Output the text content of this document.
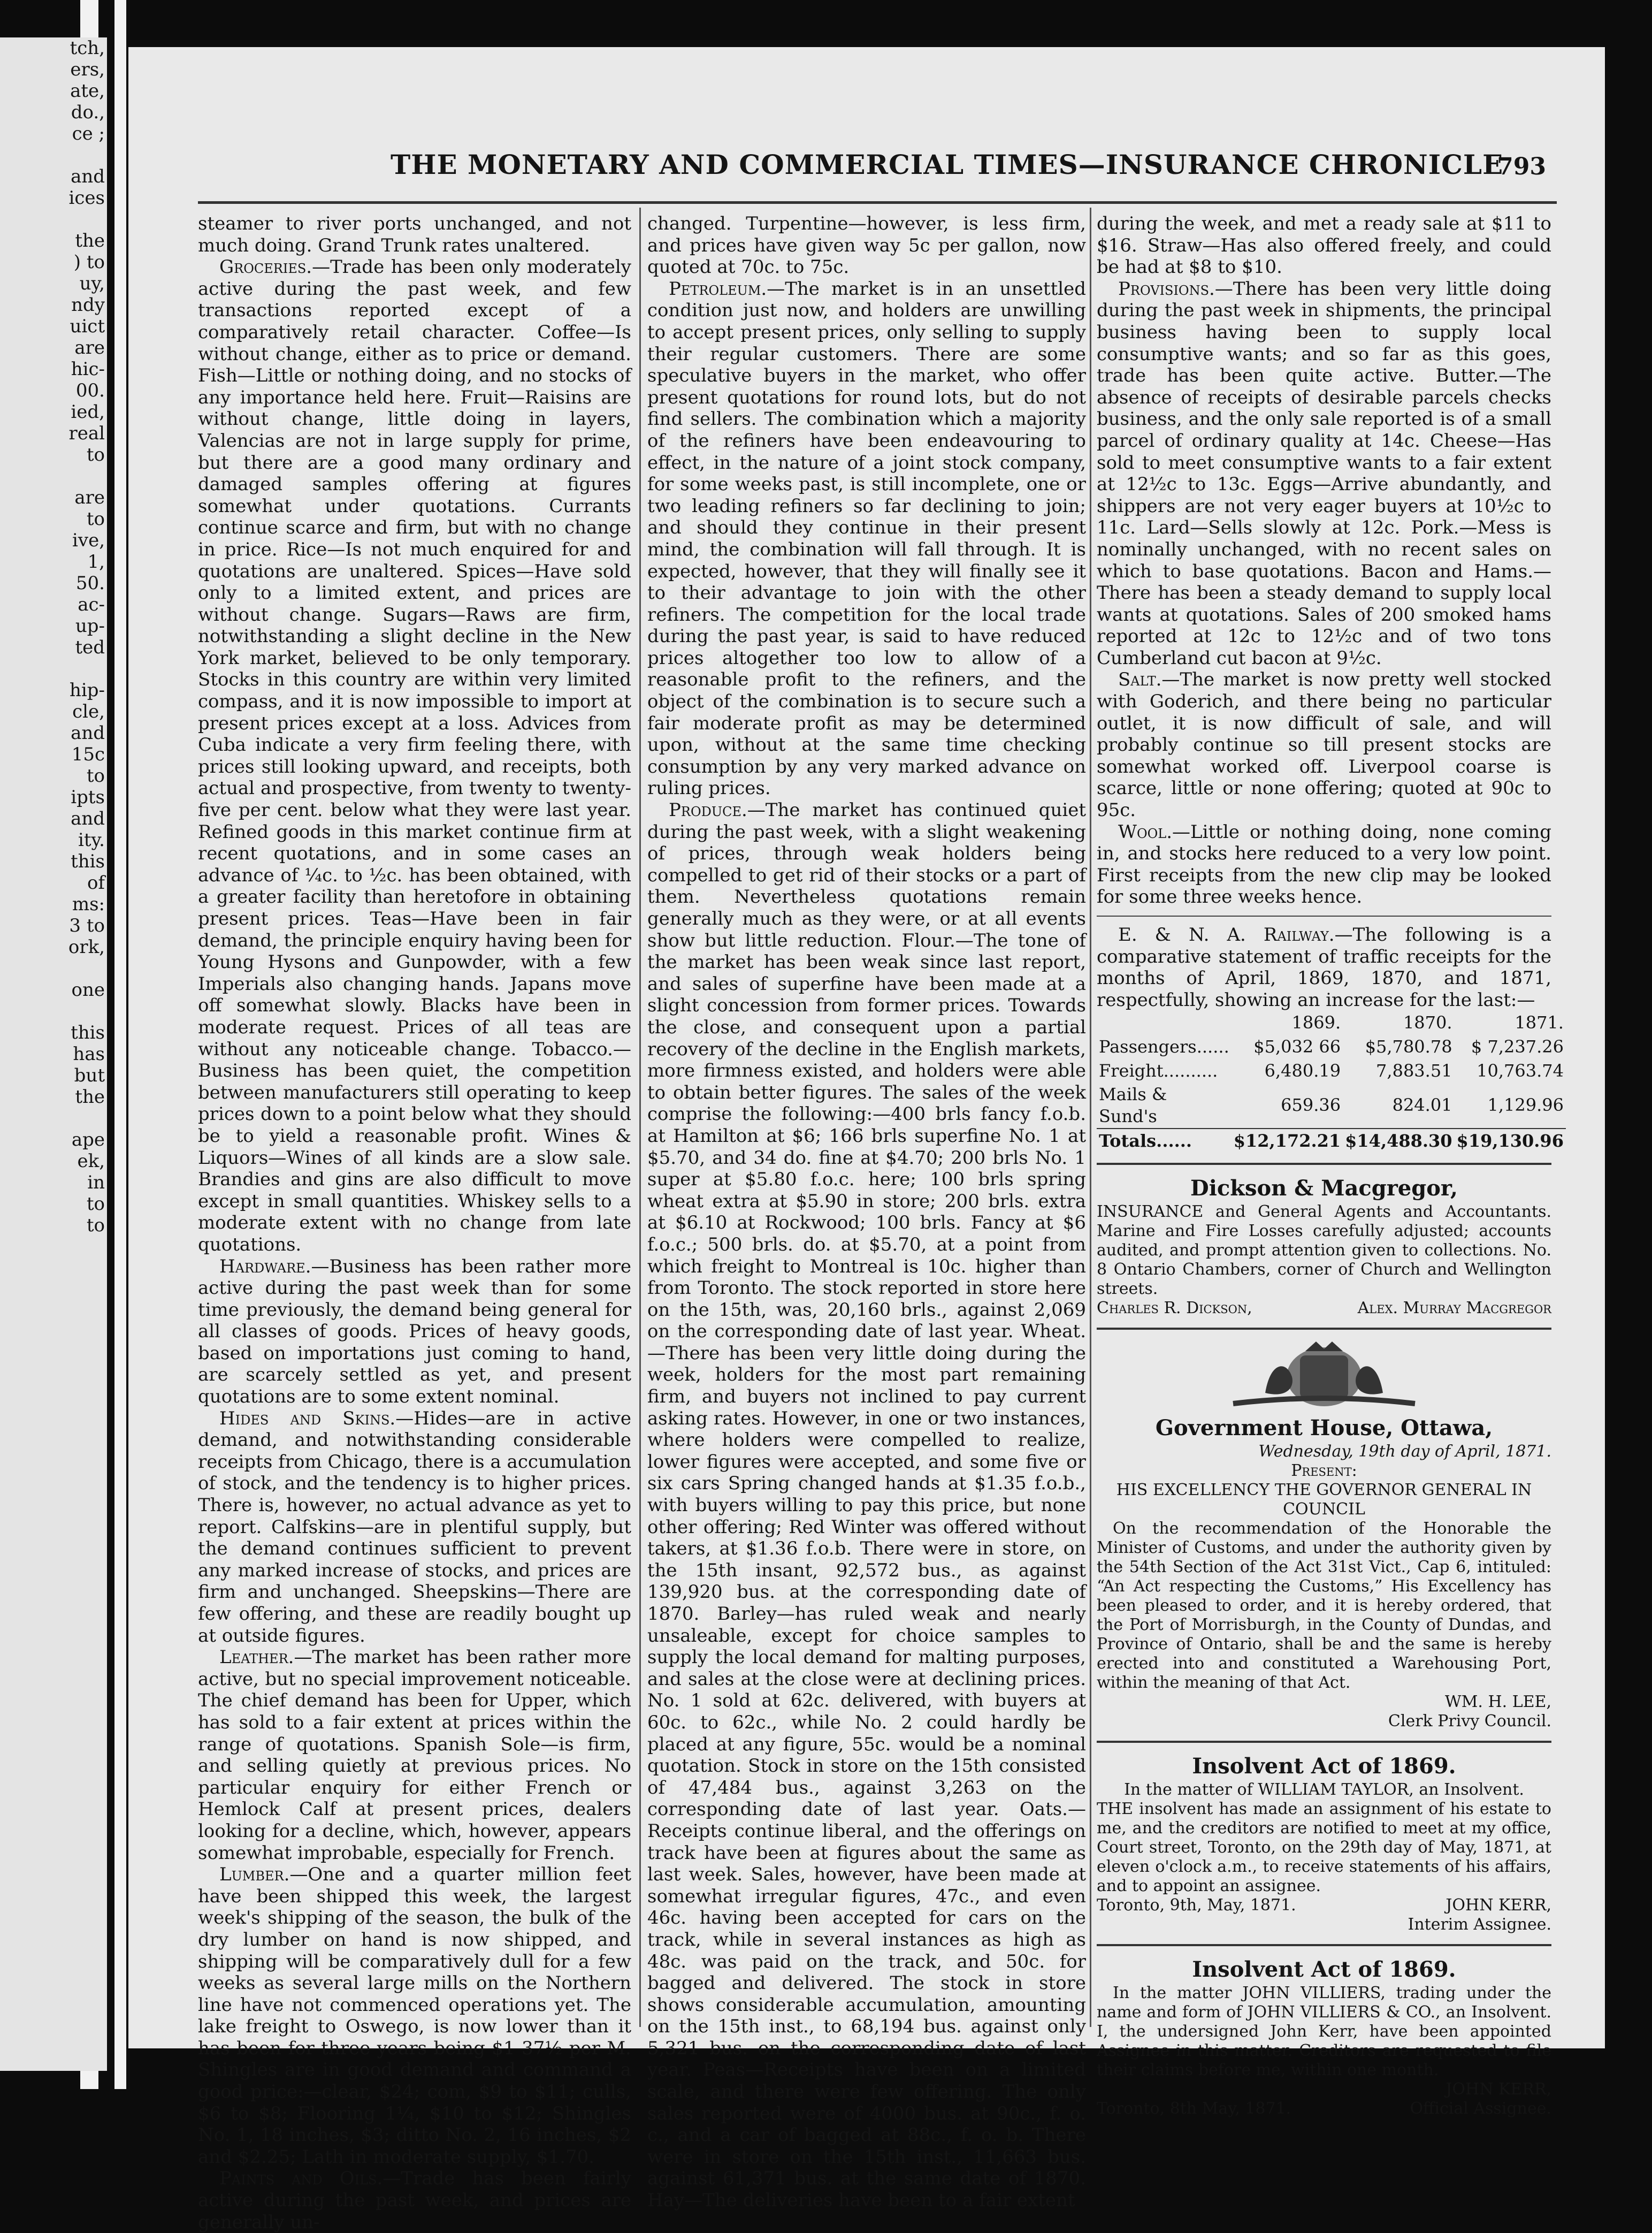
tch,
ers,
ate,
do.,
ce ;

and
ices

the
) to
uy,
ndy
uict
are
hic-
00.
ied,
real
to

are
to
ive,
1,
50.
ac-
up-
ted

hip-
cle,
and
15c
to
ipts
and
ity.
this
of
ms:
3 to
ork,

one

this
has
but
the

ape
ek,
in
to
to
THE MONETARY AND COMMERCIAL TIMES—INSURANCE CHRONICLE
793

steamer to river ports unchanged, and not much doing. Grand Trunk rates unaltered.

Groceries.—Trade has been only moderately active during the past week, and few transactions reported except of a comparatively retail character. Coffee—Is without change, either as to price or demand. Fish—Little or nothing doing, and no stocks of any importance held here. Fruit—Raisins are without change, little doing in layers, Valencias are not in large supply for prime, but there are a good many ordinary and damaged samples offering at figures somewhat under quotations. Currants continue scarce and firm, but with no change in price. Rice—Is not much enquired for and quotations are unaltered. Spices—Have sold only to a limited extent, and prices are without change. Sugars—Raws are firm, notwithstanding a slight decline in the New York market, believed to be only temporary. Stocks in this country are within very limited compass, and it is now impossible to import at present prices except at a loss. Advices from Cuba indicate a very firm feeling there, with prices still looking upward, and receipts, both actual and prospective, from twenty to twenty-five per cent. below what they were last year. Refined goods in this market continue firm at recent quotations, and in some cases an advance of ¼c. to ½c. has been obtained, with a greater facility than heretofore in obtaining present prices. Teas—Have been in fair demand, the principle enquiry having been for Young Hysons and Gunpowder, with a few Imperials also changing hands. Japans move off somewhat slowly. Blacks have been in moderate request. Prices of all teas are without any noticeable change. Tobacco.—Business has been quiet, the competition between manufacturers still operating to keep prices down to a point below what they should be to yield a reasonable profit. Wines & Liquors—Wines of all kinds are a slow sale. Brandies and gins are also difficult to move except in small quantities. Whiskey sells to a moderate extent with no change from late quotations.

Hardware.—Business has been rather more active during the past week than for some time previously, the demand being general for all classes of goods. Prices of heavy goods, based on importations just coming to hand, are scarcely settled as yet, and present quotations are to some extent nominal.

Hides and Skins.—Hides—are in active demand, and notwithstanding considerable receipts from Chicago, there is a accumulation of stock, and the tendency is to higher prices. There is, however, no actual advance as yet to report. Calfskins—are in plentiful supply, but the demand continues sufficient to prevent any marked increase of stocks, and prices are firm and unchanged. Sheepskins—There are few offering, and these are readily bought up at outside figures.

Leather.—The market has been rather more active, but no special improvement noticeable. The chief demand has been for Upper, which has sold to a fair extent at prices within the range of quotations. Spanish Sole—is firm, and selling quietly at previous prices. No particular enquiry for either French or Hemlock Calf at present prices, dealers looking for a decline, which, however, appears somewhat improbable, especially for French.

Lumber.—One and a quarter million feet have been shipped this week, the largest week's shipping of the season, the bulk of the dry lumber on hand is now shipped, and shipping will be comparatively dull for a few weeks as several large mills on the Northern line have not commenced operations yet. The lake freight to Oswego, is now lower than it has been for three years being $1 37½ per M. Shingles are in good demand and command a good price:—clear, $24; com, $9 to $11; culls, $6 to $8; Flooring 1¼, $10 to $12; Shingles No. 1, 18 inches, $3; ditto No. 2, 16 inches, $2 and $2.25; Lath in moderate supply, $1.70.

Paints and Oils.—Trade has been fairly active during the past week, and prices are generally un-

changed. Turpentine—however, is less firm, and prices have given way 5c per gallon, now quoted at 70c. to 75c.

Petroleum.—The market is in an unsettled condition just now, and holders are unwilling to accept present prices, only selling to supply their regular customers. There are some speculative buyers in the market, who offer present quotations for round lots, but do not find sellers. The combination which a majority of the refiners have been endeavouring to effect, in the nature of a joint stock company, for some weeks past, is still incomplete, one or two leading refiners so far declining to join; and should they continue in their present mind, the combination will fall through. It is expected, however, that they will finally see it to their advantage to join with the other refiners. The competition for the local trade during the past year, is said to have reduced prices altogether too low to allow of a reasonable profit to the refiners, and the object of the combination is to secure such a fair moderate profit as may be determined upon, without at the same time checking consumption by any very marked advance on ruling prices.

Produce.—The market has continued quiet during the past week, with a slight weakening of prices, through weak holders being compelled to get rid of their stocks or a part of them. Nevertheless quotations remain generally much as they were, or at all events show but little reduction. Flour.—The tone of the market has been weak since last report, and sales of superfine have been made at a slight concession from former prices. Towards the close, and consequent upon a partial recovery of the decline in the English markets, more firmness existed, and holders were able to obtain better figures. The sales of the week comprise the following:—400 brls fancy f.o.b. at Hamilton at $6; 166 brls superfine No. 1 at $5.70, and 34 do. fine at $4.70; 200 brls No. 1 super at $5.80 f.o.c. here; 100 brls spring wheat extra at $5.90 in store; 200 brls. extra at $6.10 at Rockwood; 100 brls. Fancy at $6 f.o.c.; 500 brls. do. at $5.70, at a point from which freight to Montreal is 10c. higher than from Toronto. The stock reported in store here on the 15th, was, 20,160 brls., against 2,069 on the corresponding date of last year. Wheat.—There has been very little doing during the week, holders for the most part remaining firm, and buyers not inclined to pay current asking rates. However, in one or two instances, where holders were compelled to realize, lower figures were accepted, and some five or six cars Spring changed hands at $1.35 f.o.b., with buyers willing to pay this price, but none other offering; Red Winter was offered without takers, at $1.36 f.o.b. There were in store, on the 15th insant, 92,572 bus., as against 139,920 bus. at the corresponding date of 1870. Barley—has ruled weak and nearly unsaleable, except for choice samples to supply the local demand for malting purposes, and sales at the close were at declining prices. No. 1 sold at 62c. delivered, with buyers at 60c. to 62c., while No. 2 could hardly be placed at any figure, 55c. would be a nominal quotation. Stock in store on the 15th consisted of 47,484 bus., against 3,263 on the corresponding date of last year. Oats.—Receipts continue liberal, and the offerings on track have been at figures about the same as last week. Sales, however, have been made at somewhat irregular figures, 47c., and even 46c. having been accepted for cars on the track, while in several instances as high as 48c. was paid on the track, and 50c. for bagged and delivered. The stock in store shows considerable accumulation, amounting on the 15th inst., to 68,194 bus. against only 5,321 bus. on the corresponding date of last year. Peas—Receipts have been on a limited scale, and there were few offering. The only sales reported were of 4000 bus. at 90c., f. o. c., and a car of bagged at 88c., f. o. b. There were in store on the 15th inst., 11,663 bus. against 61,371 bus. at the same date of 1870. Hay—The deliveries have been to a fair extent

during the week, and met a ready sale at $11 to $16. Straw—Has also offered freely, and could be had at $8 to $10.

Provisions.—There has been very little doing during the past week in shipments, the principal business having been to supply local consumptive wants; and so far as this goes, trade has been quite active. Butter.—The absence of receipts of desirable parcels checks business, and the only sale reported is of a small parcel of ordinary quality at 14c. Cheese—Has sold to meet consumptive wants to a fair extent at 12½c to 13c. Eggs—Arrive abundantly, and shippers are not very eager buyers at 10½c to 11c. Lard—Sells slowly at 12c. Pork.—Mess is nominally unchanged, with no recent sales on which to base quotations. Bacon and Hams.—There has been a steady demand to supply local wants at quotations. Sales of 200 smoked hams reported at 12c to 12½c and of two tons Cumberland cut bacon at 9½c.

Salt.—The market is now pretty well stocked with Goderich, and there being no particular outlet, it is now difficult of sale, and will probably continue so till present stocks are somewhat worked off. Liverpool coarse is scarce, little or none offering; quoted at 90c to 95c.

Wool.—Little or nothing doing, none coming in, and stocks here reduced to a very low point. First receipts from the new clip may be looked for some three weeks hence.

E. & N. A. Railway.—The following is a comparative statement of traffic receipts for the months of April, 1869, 1870, and 1871, respectfully, showing an increase for the last:—

	1869.	1870.	1871.
Passengers......	$5,032 66	$5,780.78	$ 7,237.26
Freight..........	6,480.19	7,883.51	10,763.74
Mails & Sund's	659.36	824.01	1,129.96
Totals......	$12,172.21	$14,488.30	$19,130.96
Dickson & Macgregor,
INSURANCE and General Agents and Accountants. Marine and Fire Losses carefully adjusted; accounts audited, and prompt attention given to collections. No. 8 Ontario Chambers, corner of Church and Wellington streets.
Charles R. Dickson,	Alex. Murray Macgregor
Government House, Ottawa,
Wednesday, 19th day of April, 1871.
Present:
HIS EXCELLENCY THE GOVERNOR GENERAL IN COUNCIL
On the recommendation of the Honorable the Minister of Customs, and under the authority given by the 54th Section of the Act 31st Vict., Cap 6, intituled: “An Act respecting the Customs,” His Excellency has been pleased to order, and it is hereby ordered, that the Port of Morrisburgh, in the County of Dundas, and Province of Ontario, shall be and the same is hereby erected into and constituted a Warehousing Port, within the meaning of that Act.
WM. H. LEE,
Clerk Privy Council.
Insolvent Act of 1869.
In the matter of WILLIAM TAYLOR, an Insolvent.
THE insolvent has made an assignment of his estate to me, and the creditors are notified to meet at my office, Court street, Toronto, on the 29th day of May, 1871, at eleven o'clock a.m., to receive statements of his affairs, and to appoint an assignee.
Toronto, 9th, May, 1871.	JOHN KERR,
Interim Assignee.
Insolvent Act of 1869.
In the matter JOHN VILLIERS, trading under the name and form of JOHN VILLIERS & CO., an Insolvent. I, the undersigned John Kerr, have been appointed Assignee in this matter. Creditors are requested to file their claims before me, within one month.
JOHN KERR,
Toronto, 8th May, 1871.	Official Assignee.
